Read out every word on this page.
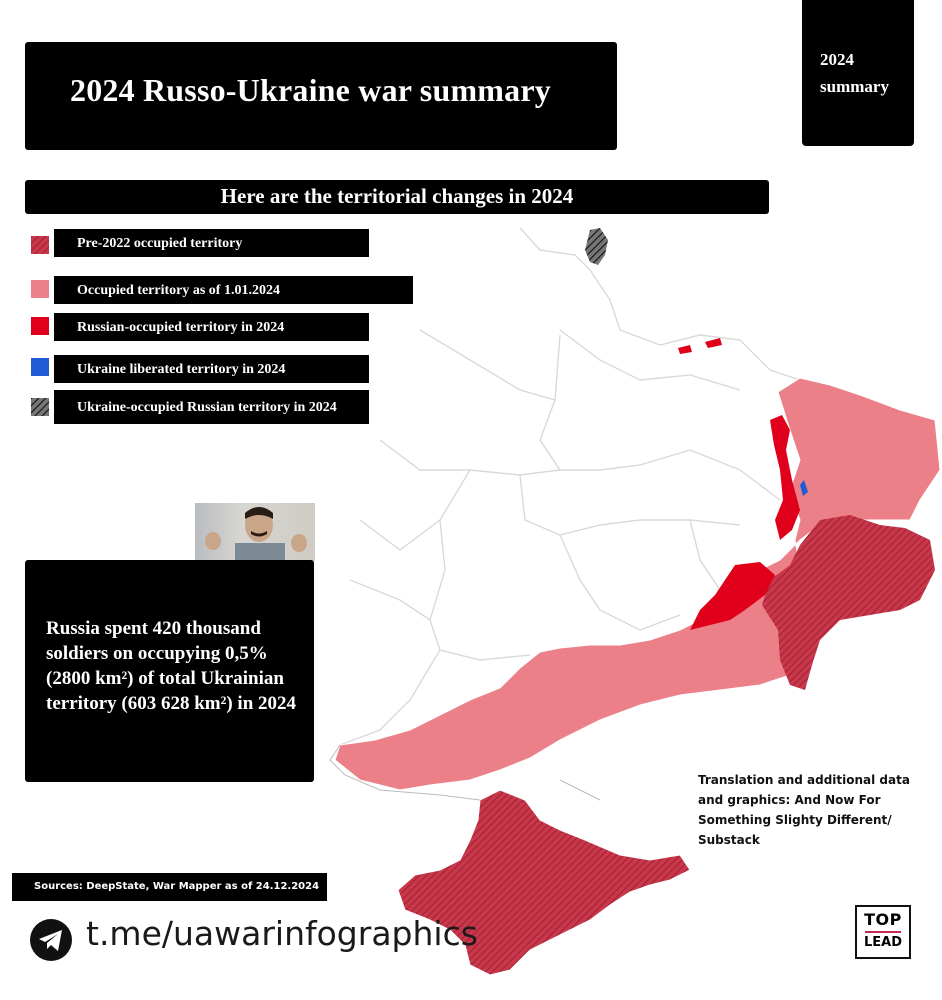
2024 Russo-Ukraine war summary
2024 summary
Here are the territorial changes in 2024
Pre-2022 occupied territory
Occupied territory as of 1.01.2024
Russian-occupied territory in 2024
Ukraine liberated territory in 2024
Ukraine-occupied Russian territory in 2024
Russia spent 420 thousand soldiers on occupying 0,5% (2800 km²) of total Ukrainian territory (603 628 km²) in 2024
Translation and additional data and graphics: And Now For Something Slighty Different/ Substack
Sources: DeepState, War Mapper as of 24.12.2024
t.me/uawarinfographics	TOP
LEAD
